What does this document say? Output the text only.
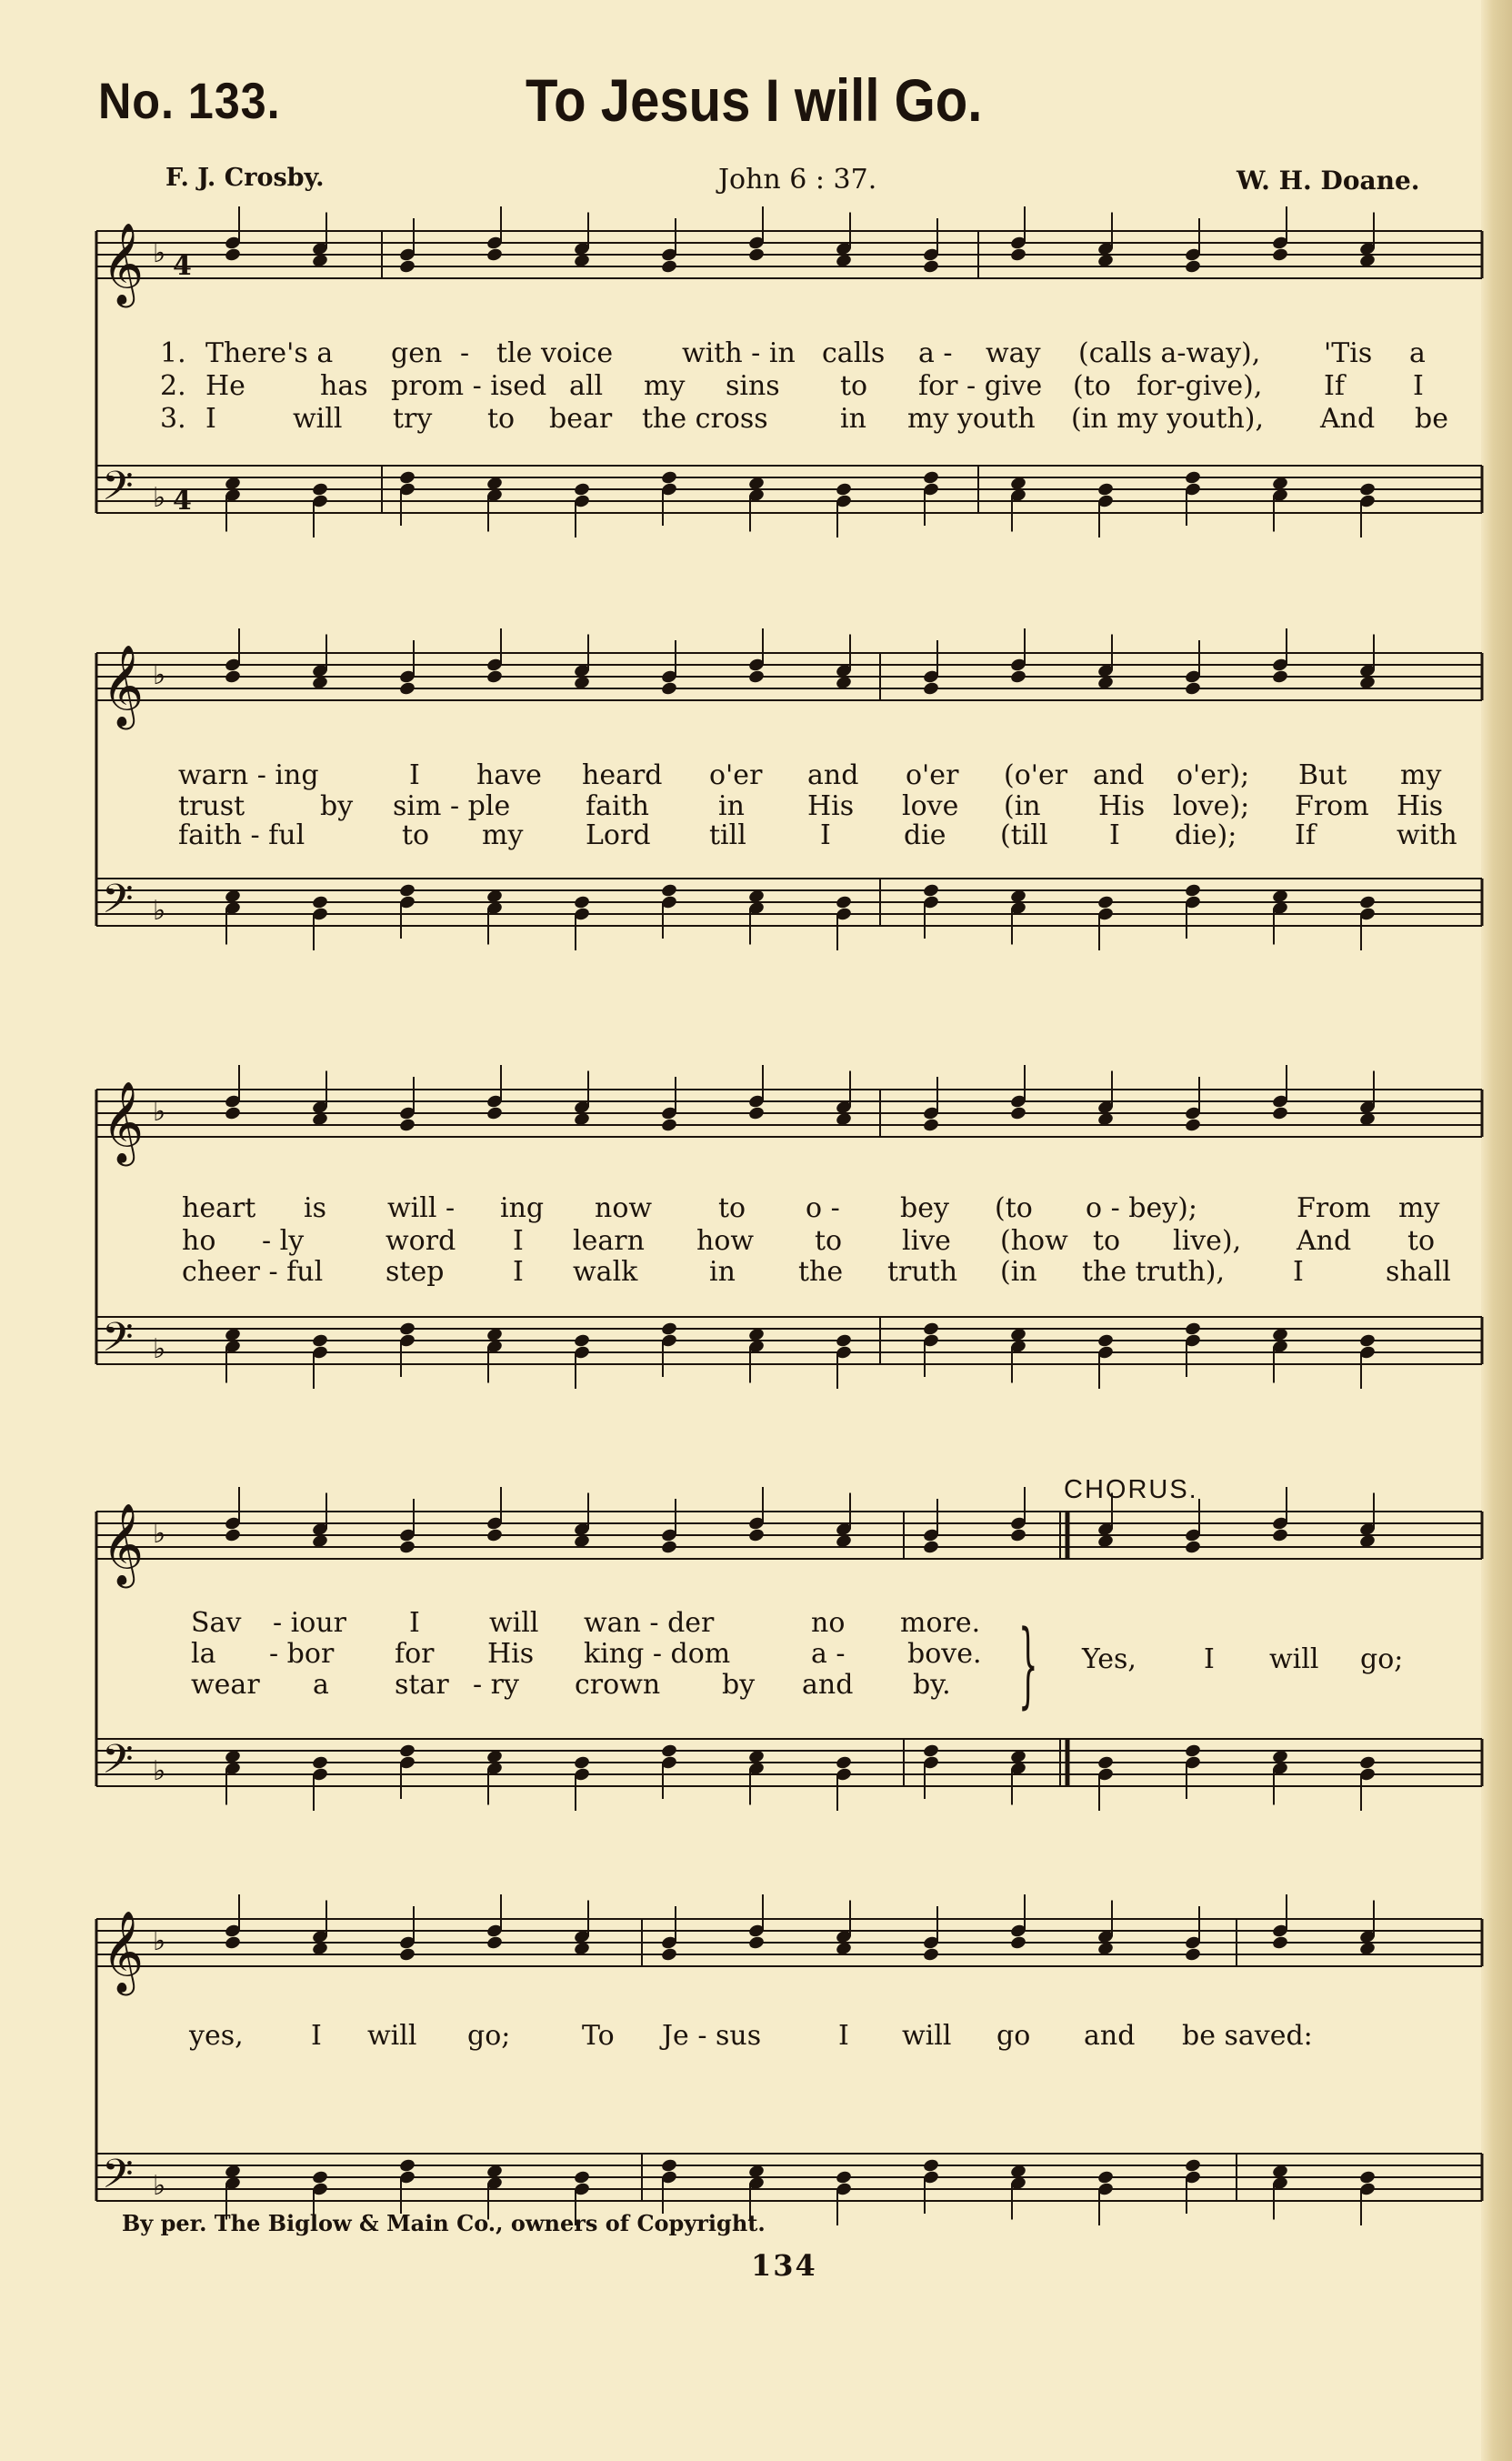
No. 133.	To Jesus I will Go.
F. J. Crosby.	John 6 : 37.	W. H. Doane.
1. There's a gen - tle voice	with - in calls a - way (calls a-way), 'Tis a
2. He	has prom - ised all my sins to for - give (to for-give), If	I
3. I	will try to bear the cross	in my youth (in my youth), And be
warn - ing	I have heard o'er and o'er (o'er and o'er); But my
trust	by sim - ple	faith	in His love (in His love); From His
faith - ful	to my Lord till	I	die (till I die); If	with
heart is will - ing now to o - bey (to o - bey);	From my
ho - ly	word I learn how to live (how to live), And to
cheer - ful step	I walk	in the truth (in the truth), I	shall
CHORUS.
Sav - iour I	will wan - der	no more.
la - bor for His king - dom	a - bove.
wear a star - ry crown by and by. } Yes, I will go;
yes, I will go;	To Je - sus	I will go and be saved:
𝄞 ♭ 4
𝄢 ♭ 4
𝄞 ♭
𝄢 ♭
𝄞 ♭
𝄢 ♭
𝄞 ♭
𝄢 ♭
𝄞 ♭
𝄢 ♭
By per. The Biglow & Main Co., owners of Copyright.
134
